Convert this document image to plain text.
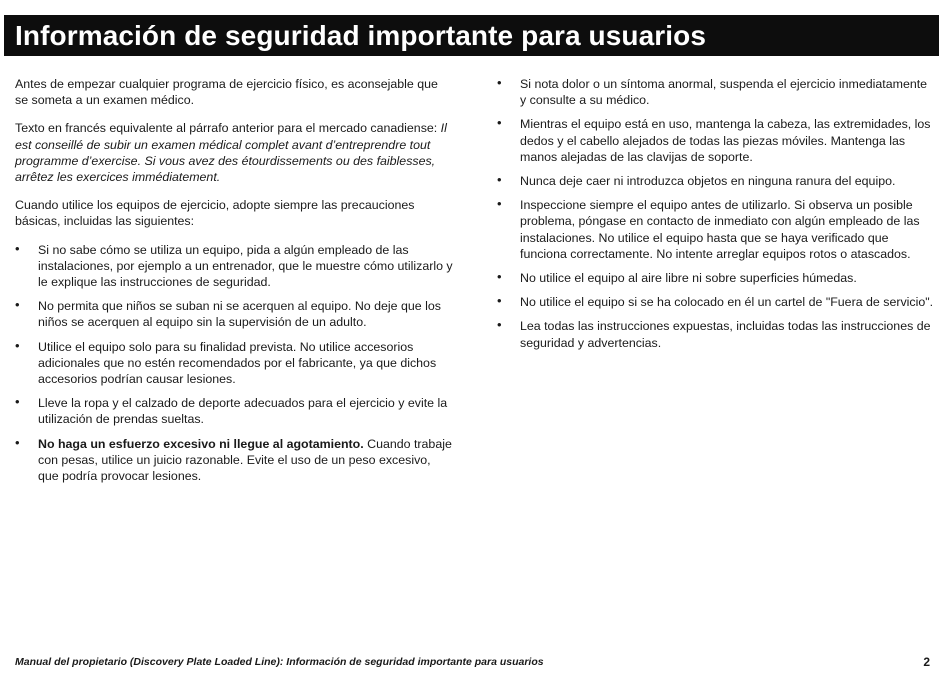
Información de seguridad importante para usuarios

Antes de empezar cualquier programa de ejercicio físico, es aconsejable que se someta a un examen médico.

Texto en francés equivalente al párrafo anterior para el mercado canadiense: Il est conseillé de subir un examen médical complet avant d’entreprendre tout programme d’exercise. Si vous avez des étourdissements ou des faiblesses, arrêtez les exercices immédiatement.

Cuando utilice los equipos de ejercicio, adopte siempre las precauciones básicas, incluidas las siguientes:

• Si no sabe cómo se utiliza un equipo, pida a algún empleado de las instalaciones, por ejemplo a un entrenador, que le muestre cómo utilizarlo y le explique las instrucciones de seguridad.
• No permita que niños se suban ni se acerquen al equipo. No deje que los niños se acerquen al equipo sin la supervisión de un adulto.
• Utilice el equipo solo para su finalidad prevista. No utilice accesorios adicionales que no estén recomendados por el fabricante, ya que dichos accesorios podrían causar lesiones.
• Lleve la ropa y el calzado de deporte adecuados para el ejercicio y evite la utilización de prendas sueltas.
• No haga un esfuerzo excesivo ni llegue al agotamiento. Cuando trabaje con pesas, utilice un juicio razonable. Evite el uso de un peso excesivo, que podría provocar lesiones.
• Si nota dolor o un síntoma anormal, suspenda el ejercicio inmediatamente y consulte a su médico.
• Mientras el equipo está en uso, mantenga la cabeza, las extremidades, los dedos y el cabello alejados de todas las piezas móviles. Mantenga las manos alejadas de las clavijas de soporte.
• Nunca deje caer ni introduzca objetos en ninguna ranura del equipo.
• Inspeccione siempre el equipo antes de utilizarlo. Si observa un posible problema, póngase en contacto de inmediato con algún empleado de las instalaciones. No utilice el equipo hasta que se haya verificado que funciona correctamente. No intente arreglar equipos rotos o atascados.
• No utilice el equipo al aire libre ni sobre superficies húmedas.
• No utilice el equipo si se ha colocado en él un cartel de "Fuera de servicio".
• Lea todas las instrucciones expuestas, incluidas todas las instrucciones de seguridad y advertencias.
Manual del propietario (Discovery Plate Loaded Line): Información de seguridad importante para usuarios	2
